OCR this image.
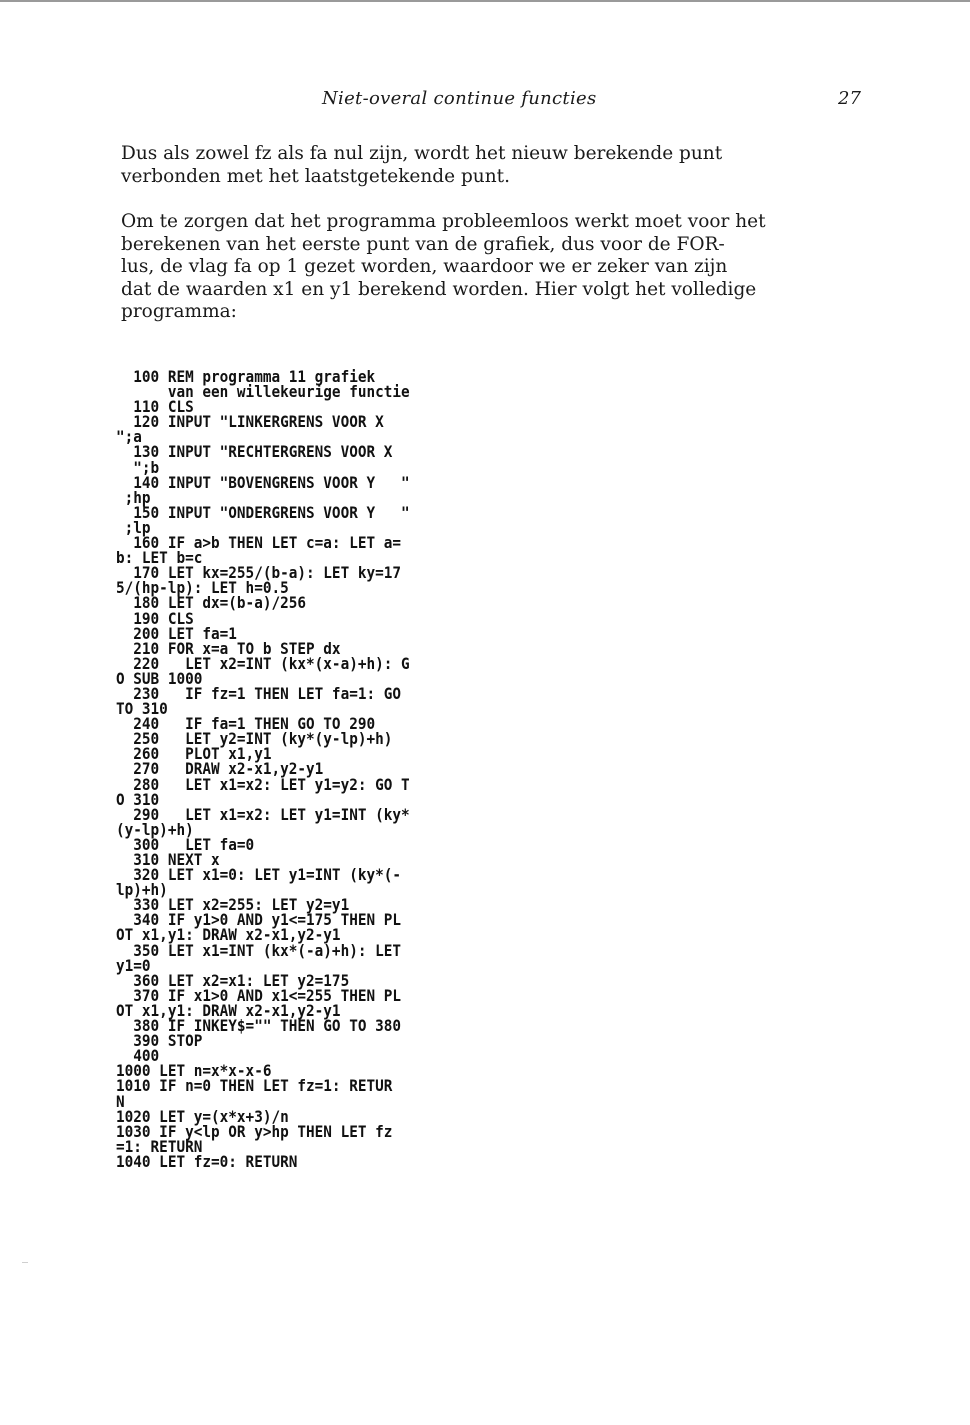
Niet-overal continue functies	27
Dus als zowel fz als fa nul zijn, wordt het nieuw berekende punt
verbonden met het laatstgetekende punt.
Om te zorgen dat het programma probleemloos werkt moet voor het
berekenen van het eerste punt van de grafiek, dus voor de FOR-
lus, de vlag fa op 1 gezet worden, waardoor we er zeker van zijn
dat de waarden x1 en y1 berekend worden. Hier volgt het volledige
programma:
100 REM programma 11 grafiek
van een willekeurige functie
110 CLS
120 INPUT "LINKERGRENS VOOR X
";a
130 INPUT "RECHTERGRENS VOOR X
";b
140 INPUT "BOVENGRENS VOOR Y   "
;hp
150 INPUT "ONDERGRENS VOOR Y   "
;lp
160 IF a>b THEN LET c=a: LET a=
b: LET b=c
170 LET kx=255/(b-a): LET ky=17
5/(hp-lp): LET h=0.5
180 LET dx=(b-a)/256
190 CLS
200 LET fa=1
210 FOR x=a TO b STEP dx
220   LET x2=INT (kx*(x-a)+h): G
O SUB 1000
230   IF fz=1 THEN LET fa=1: GO
TO 310
240   IF fa=1 THEN GO TO 290
250   LET y2=INT (ky*(y-lp)+h)
260   PLOT x1,y1
270   DRAW x2-x1,y2-y1
280   LET x1=x2: LET y1=y2: GO T
O 310
290   LET x1=x2: LET y1=INT (ky*
(y-lp)+h)
300   LET fa=0
310 NEXT x
320 LET x1=0: LET y1=INT (ky*(-
lp)+h)
330 LET x2=255: LET y2=y1
340 IF y1>0 AND y1<=175 THEN PL
OT x1,y1: DRAW x2-x1,y2-y1
350 LET x1=INT (kx*(-a)+h): LET
y1=0
360 LET x2=x1: LET y2=175
370 IF x1>0 AND x1<=255 THEN PL
OT x1,y1: DRAW x2-x1,y2-y1
380 IF INKEY$="" THEN GO TO 380
390 STOP
400
1000 LET n=x*x-x-6
1010 IF n=0 THEN LET fz=1: RETUR
N
1020 LET y=(x*x+3)/n
1030 IF y<lp OR y>hp THEN LET fz
=1: RETURN
1040 LET fz=0: RETURN
